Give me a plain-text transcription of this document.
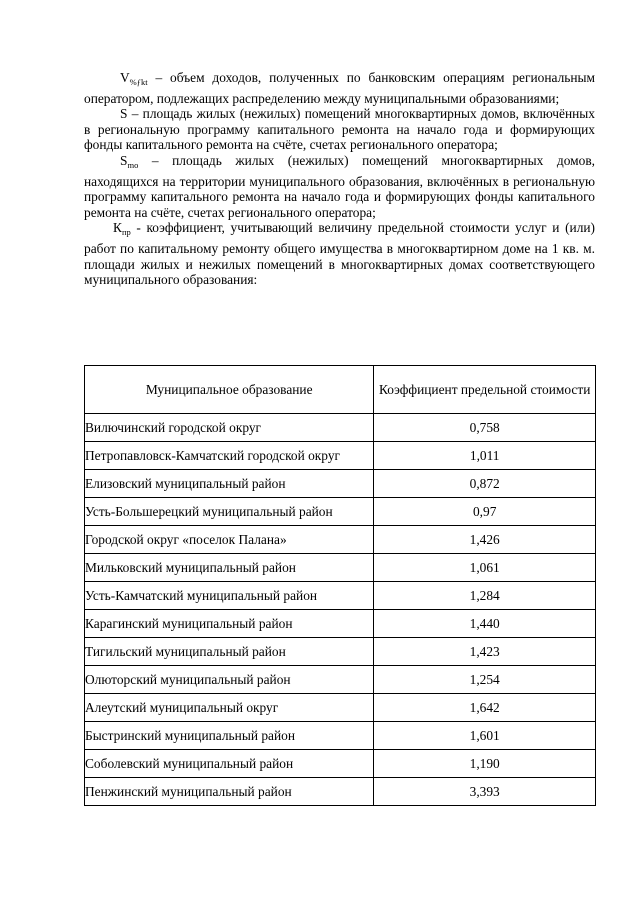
$V_{\%ƒkt}$ – объем доходов, полученных по банковским операциям региональным оператором, подлежащих распределению между муниципальными образованиями;

S – площадь жилых (нежилых) помещений многоквартирных домов, включённых в региональную программу капитального ремонта на начало года и формирующих фонды капитального ремонта на счёте, счетах регионального оператора;

$S_{mo}$ – площадь жилых (нежилых) помещений многоквартирных домов, находящихся на территории муниципального образования, включённых в региональную программу капитального ремонта на начало года и формирующих фонды капитального ремонта на счёте, счетах регионального оператора;

$К_{пр}$ - коэффициент, учитывающий величину предельной стоимости услуг и (или) работ по капитальному ремонту общего имущества в многоквартирном доме на 1 кв. м. площади жилых и нежилых помещений в многоквартирных домах соответствующего муниципального образования:

Муниципальное образование	Коэффициент предельной стоимости
Вилючинский городской округ	0,758
Петропавловск-Камчатский городской округ	1,011
Елизовский муниципальный район	0,872
Усть-Большерецкий муниципальный район	0,97
Городской округ «поселок Палана»	1,426
Мильковский муниципальный район	1,061
Усть-Камчатский муниципальный район	1,284
Карагинский муниципальный район	1,440
Тигильский муниципальный район	1,423
Олюторский муниципальный район	1,254
Алеутский муниципальный округ	1,642
Быстринский муниципальный район	1,601
Соболевский муниципальный район	1,190
Пенжинский муниципальный район	3,393
